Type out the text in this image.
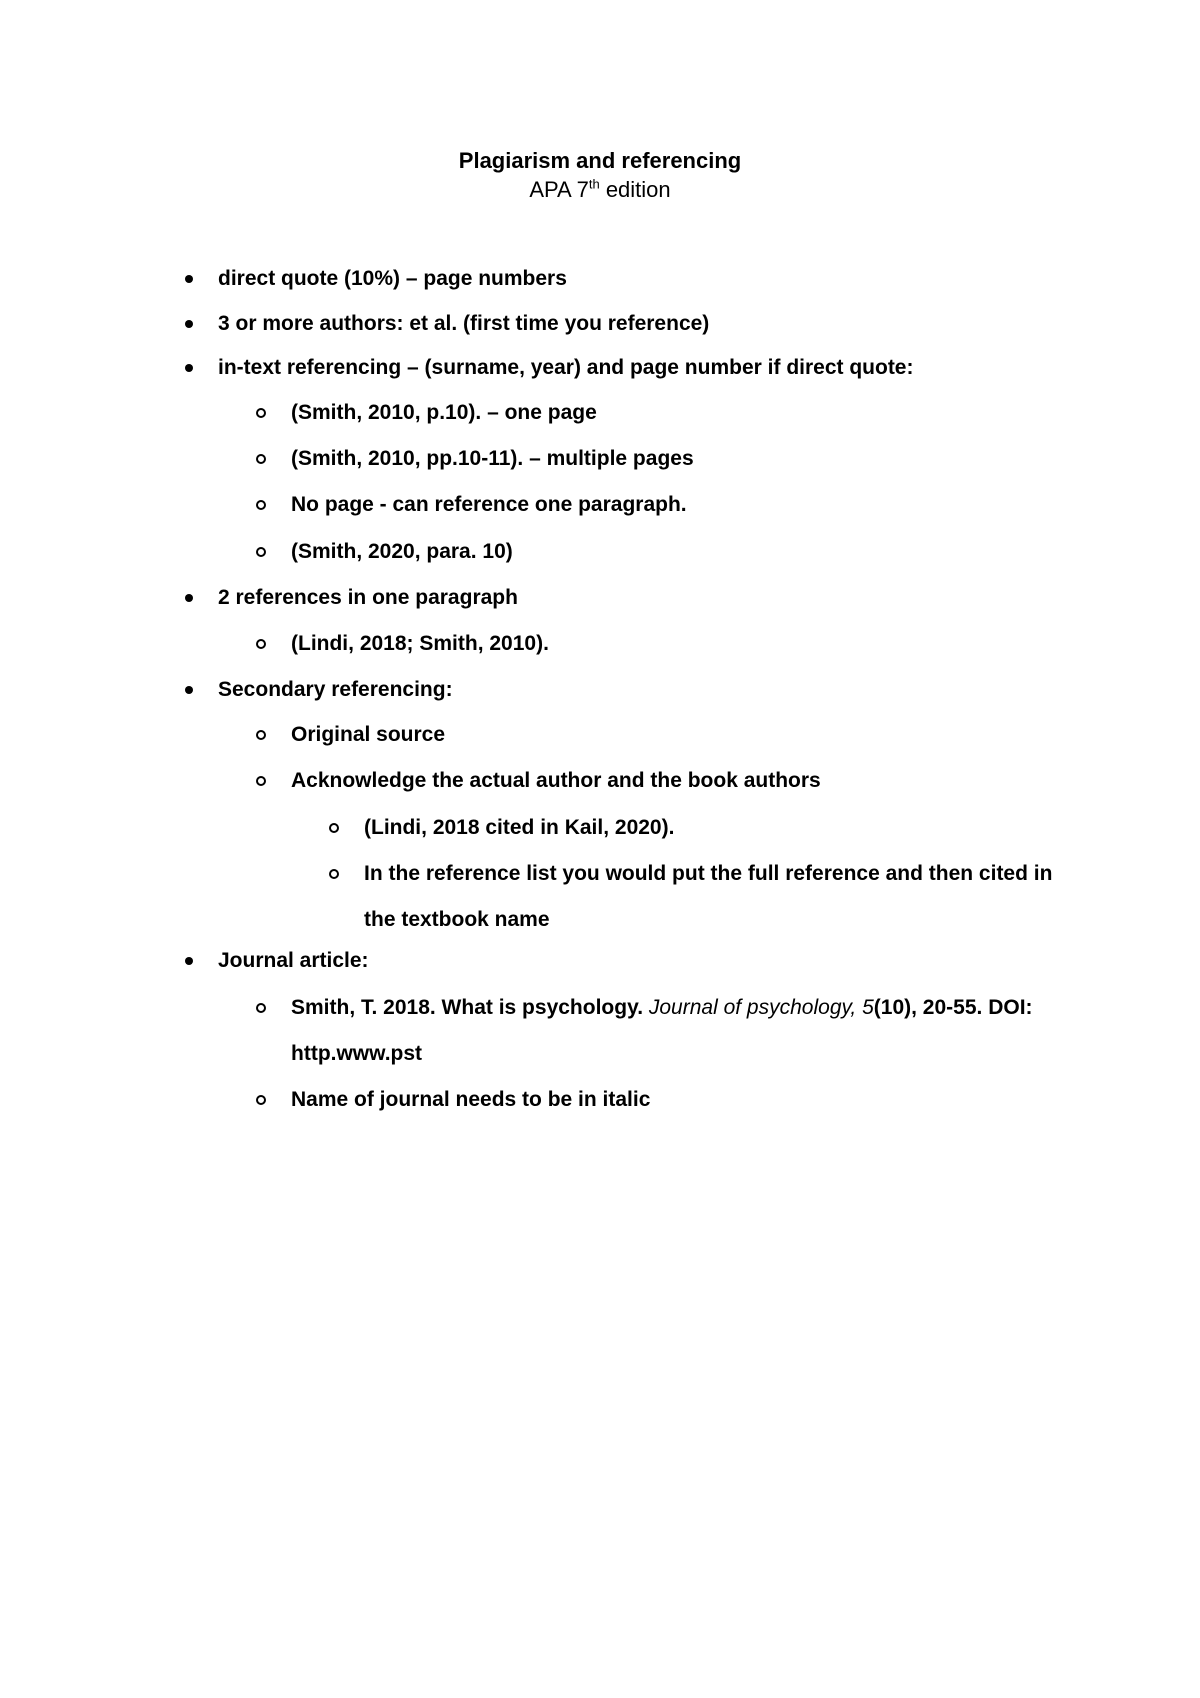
Plagiarism and referencing
APA 7th edition
direct quote (10%) – page numbers
3 or more authors: et al. (first time you reference)
in-text referencing – (surname, year) and page number if direct quote:
(Smith, 2010, p.10). – one page
(Smith, 2010, pp.10-11). – multiple pages
No page - can reference one paragraph.
(Smith, 2020, para. 10)
2 references in one paragraph
(Lindi, 2018; Smith, 2010).
Secondary referencing:
Original source
Acknowledge the actual author and the book authors
(Lindi, 2018 cited in Kail, 2020).
In the reference list you would put the full reference and then cited in
the textbook name
Journal article:
Smith, T. 2018. What is psychology. Journal of psychology, 5(10), 20-55. DOI:
http.www.pst
Name of journal needs to be in italic
